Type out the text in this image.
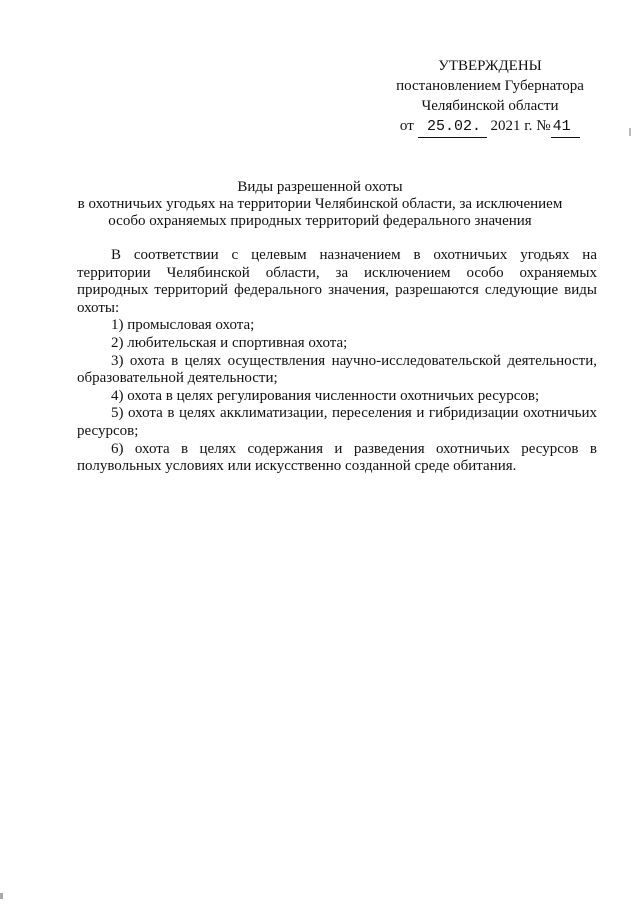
УТВЕРЖДЕНЫ
постановлением Губернатора
Челябинской области
от 25.02. 2021 г. № 41
Виды разрешенной охоты
в охотничьих угодьях на территории Челябинской области, за исключением
особо охраняемых природных территорий федерального значения

В соответствии с целевым назначением в охотничьих угодьях на территории Челябинской области, за исключением особо охраняемых природных территорий федерального значения, разрешаются следующие виды охоты:

1) промысловая охота;

2) любительская и спортивная охота;

3) охота в целях осуществления научно-исследовательской деятельности, образовательной деятельности;

4) охота в целях регулирования численности охотничьих ресурсов;

5) охота в целях акклиматизации, переселения и гибридизации охотничьих ресурсов;

6) охота в целях содержания и разведения охотничьих ресурсов в полувольных условиях или искусственно созданной среде обитания.
